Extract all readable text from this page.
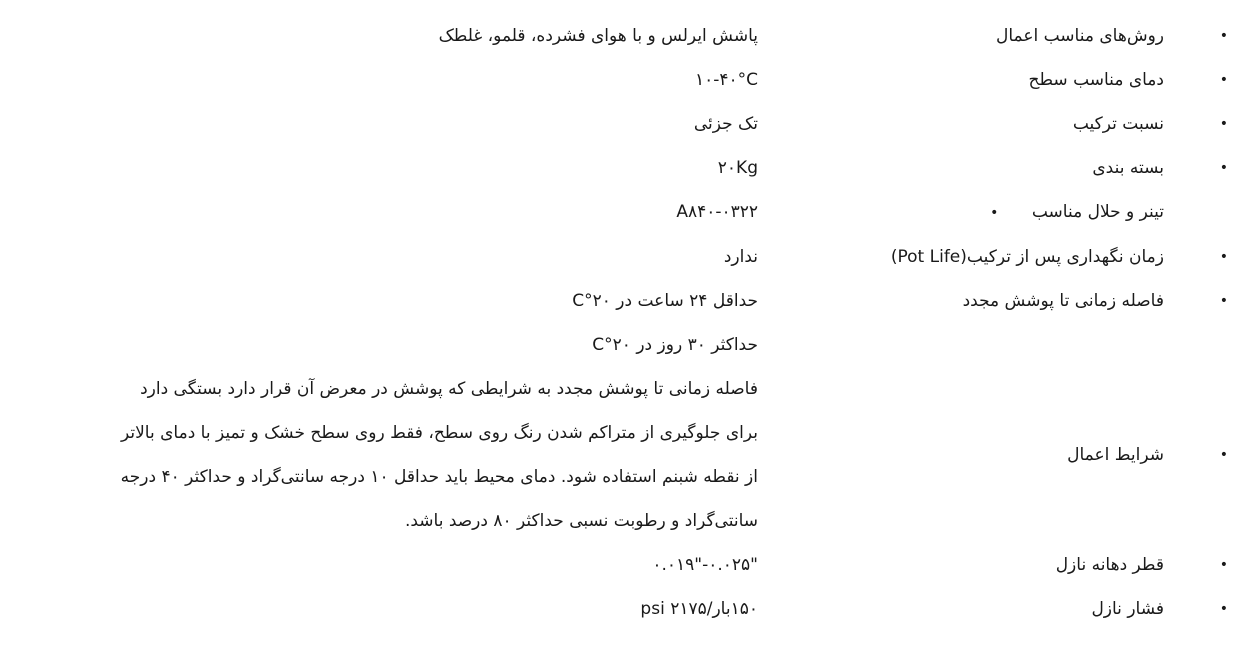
•
روش‌های مناسب اعمال
پاشش ایرلس و با هوای فشرده، قلمو، غلطک
•
دمای مناسب سطح
۱۰-۴۰°C
•
نسبت ترکیب
تک جزئی
•
بسته بندی
۲۰Kg
تینر و حلال مناسب •
A۸۴۰-۰۳۲۲
•
زمان نگهداری پس از ترکیب(Pot Life)
ندارد
•
فاصله زمانی تا پوشش مجدد
حداقل ۲۴ ساعت در ۲۰°C
حداکثر ۳۰ روز در ۲۰°C
•
شرایط اعمال
فاصله زمانی تا پوشش مجدد به شرایطی که پوشش در معرض آن قرار دارد بستگی دارد
برای جلوگیری از متراکم شدن رنگ روی سطح، فقط روی سطح خشک و تمیز با دمای بالاتر
از نقطه شبنم استفاده شود. دمای محیط باید حداقل ۱۰ درجه سانتی‌گراد و حداکثر ۴۰ درجه
سانتی‌گراد و رطوبت نسبی حداکثر ۸۰ درصد باشد.
•
قطر دهانه نازل
"۰.۰۲۵-"۰.۰۱۹
•
فشار نازل
۱۵۰بار/۲۱۷۵ psi
